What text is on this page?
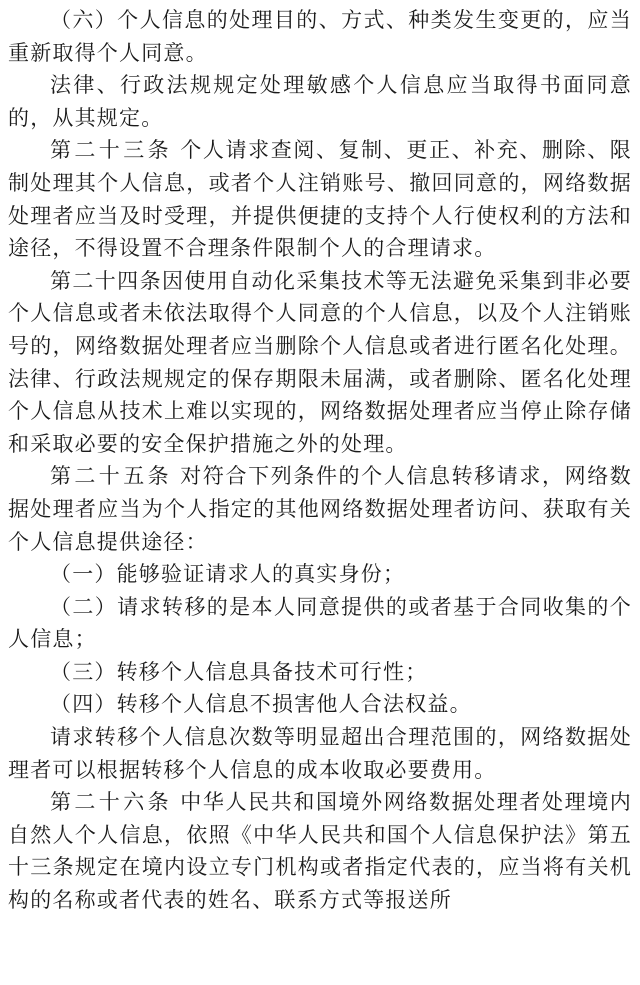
（六）个人信息的处理目的、方式、种类发生变更的，应当重新取得个人同意。

法律、行政法规规定处理敏感个人信息应当取得书面同意的，从其规定。

第二十三条 个人请求查阅、复制、更正、补充、删除、限制处理其个人信息，或者个人注销账号、撤回同意的，网络数据处理者应当及时受理，并提供便捷的支持个人行使权利的方法和途径，不得设置不合理条件限制个人的合理请求。

第二十四条因使用自动化采集技术等无法避免采集到非必要个人信息或者未依法取得个人同意的个人信息，以及个人注销账号的，网络数据处理者应当删除个人信息或者进行匿名化处理。法律、行政法规规定的保存期限未届满，或者删除、匿名化处理个人信息从技术上难以实现的，网络数据处理者应当停止除存储和采取必要的安全保护措施之外的处理。

第二十五条 对符合下列条件的个人信息转移请求，网络数据处理者应当为个人指定的其他网络数据处理者访问、获取有关个人信息提供途径：

（一）能够验证请求人的真实身份；

（二）请求转移的是本人同意提供的或者基于合同收集的个人信息；

（三）转移个人信息具备技术可行性；

（四）转移个人信息不损害他人合法权益。

请求转移个人信息次数等明显超出合理范围的，网络数据处理者可以根据转移个人信息的成本收取必要费用。

第二十六条 中华人民共和国境外网络数据处理者处理境内自然人个人信息，依照《中华人民共和国个人信息保护法》第五十三条规定在境内设立专门机构或者指定代表的，应当将有关机构的名称或者代表的姓名、联系方式等报送所
